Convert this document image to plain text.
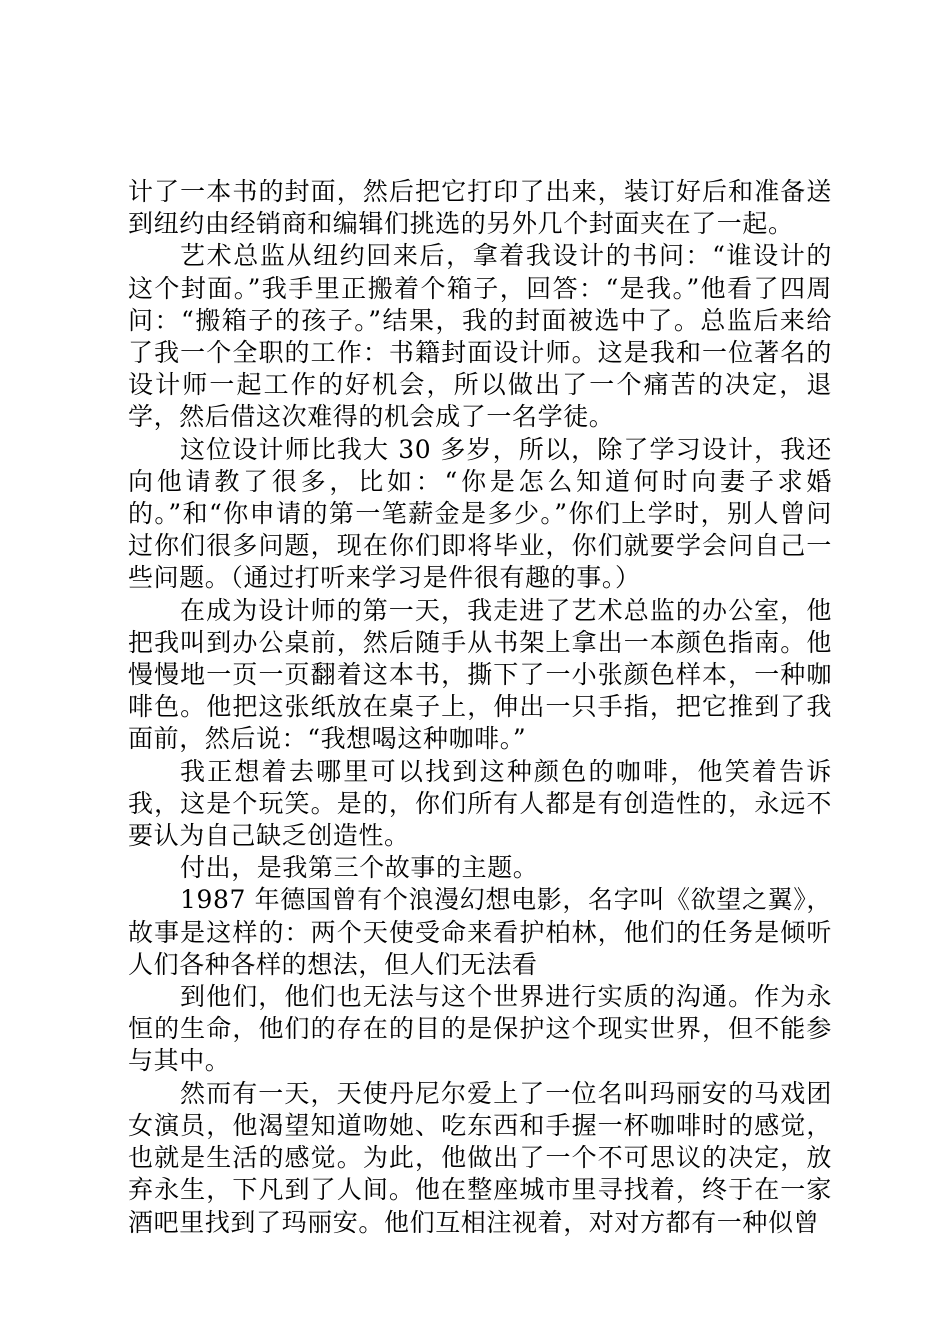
计了一本书的封面，然后把它打印了出来，装订好后和准备送到纽约由经销商和编辑们挑选的另外几个封面夹在了一起。

艺术总监从纽约回来后，拿着我设计的书问：“谁设计的这个封面。”我手里正搬着个箱子，回答：“是我。”他看了四周问：“搬箱子的孩子。”结果，我的封面被选中了。总监后来给了我一个全职的工作：书籍封面设计师。这是我和一位著名的设计师一起工作的好机会，所以做出了一个痛苦的决定，退学，然后借这次难得的机会成了一名学徒。

这位设计师比我大 30 多岁，所以，除了学习设计，我还向他请教了很多，比如：“你是怎么知道何时向妻子求婚的。”和“你申请的第一笔薪金是多少。”你们上学时，别人曾问过你们很多问题，现在你们即将毕业，你们就要学会问自己一些问题。（通过打听来学习是件很有趣的事。）

在成为设计师的第一天，我走进了艺术总监的办公室，他把我叫到办公桌前，然后随手从书架上拿出一本颜色指南。他慢慢地一页一页翻着这本书，撕下了一小张颜色样本，一种咖啡色。他把这张纸放在桌子上，伸出一只手指，把它推到了我面前，然后说：“我想喝这种咖啡。”

我正想着去哪里可以找到这种颜色的咖啡，他笑着告诉我，这是个玩笑。是的，你们所有人都是有创造性的，永远不要认为自己缺乏创造性。

付出，是我第三个故事的主题。

1987 年德国曾有个浪漫幻想电影，名字叫《欲望之翼》，故事是这样的：两个天使受命来看护柏林，他们的任务是倾听人们各种各样的想法，但人们无法看

到他们，他们也无法与这个世界进行实质的沟通。作为永恒的生命，他们的存在的目的是保护这个现实世界，但不能参与其中。

然而有一天，天使丹尼尔爱上了一位名叫玛丽安的马戏团女演员，他渴望知道吻她、吃东西和手握一杯咖啡时的感觉，也就是生活的感觉。为此，他做出了一个不可思议的决定，放弃永生，下凡到了人间。他在整座城市里寻找着，终于在一家酒吧里找到了玛丽安。他们互相注视着，对对方都有一种似曾
